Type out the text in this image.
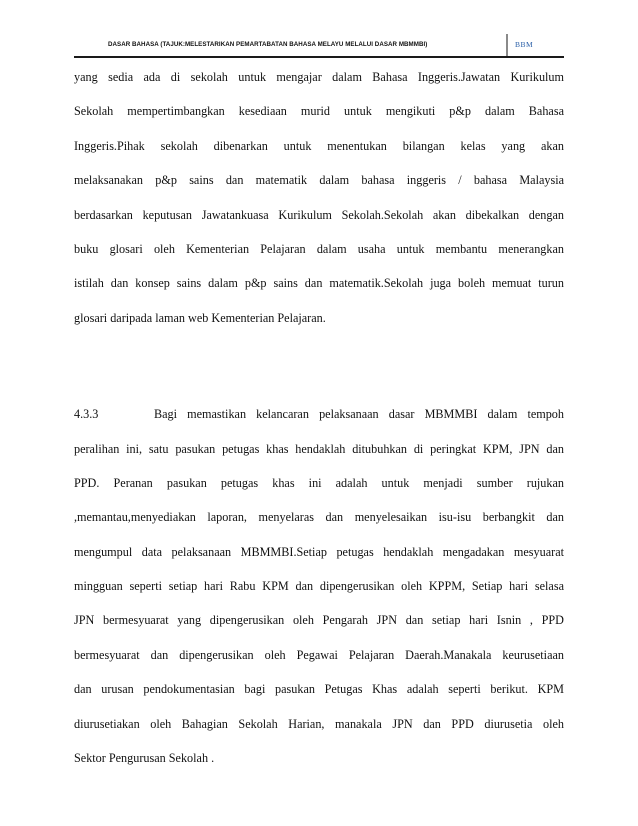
DASAR BAHASA (TAJUK:MELESTARIKAN PEMARTABATAN BAHASA MELAYU MELALUI DASAR MBMMBI)	BBM
yang sedia ada di sekolah untuk mengajar dalam Bahasa Inggeris.Jawatan Kurikulum
Sekolah mempertimbangkan kesediaan murid untuk mengikuti p&p dalam Bahasa
Inggeris.Pihak sekolah dibenarkan untuk menentukan bilangan kelas yang akan
melaksanakan p&p sains dan matematik dalam bahasa inggeris / bahasa Malaysia
berdasarkan keputusan Jawatankuasa Kurikulum Sekolah.Sekolah akan dibekalkan dengan
buku glosari oleh Kementerian Pelajaran dalam usaha untuk membantu menerangkan
istilah dan konsep sains dalam p&p sains dan matematik.Sekolah juga boleh memuat turun
glosari daripada laman web Kementerian Pelajaran.
4.3.3	Bagi memastikan kelancaran pelaksanaan dasar MBMMBI dalam tempoh
peralihan ini, satu pasukan petugas khas hendaklah ditubuhkan di peringkat KPM, JPN dan
PPD. Peranan pasukan petugas khas ini adalah untuk menjadi sumber rujukan
,memantau,menyediakan laporan, menyelaras dan menyelesaikan isu-isu berbangkit dan
mengumpul data pelaksanaan MBMMBI.Setiap petugas hendaklah mengadakan mesyuarat
mingguan seperti setiap hari Rabu KPM dan dipengerusikan oleh KPPM, Setiap hari selasa
JPN bermesyuarat yang dipengerusikan oleh Pengarah JPN dan setiap hari Isnin , PPD
bermesyuarat dan dipengerusikan oleh Pegawai Pelajaran Daerah.Manakala keurusetiaan
dan urusan pendokumentasian bagi pasukan Petugas Khas adalah seperti berikut. KPM
diurusetiakan oleh Bahagian Sekolah Harian, manakala JPN dan PPD diurusetia oleh
Sektor Pengurusan Sekolah .
